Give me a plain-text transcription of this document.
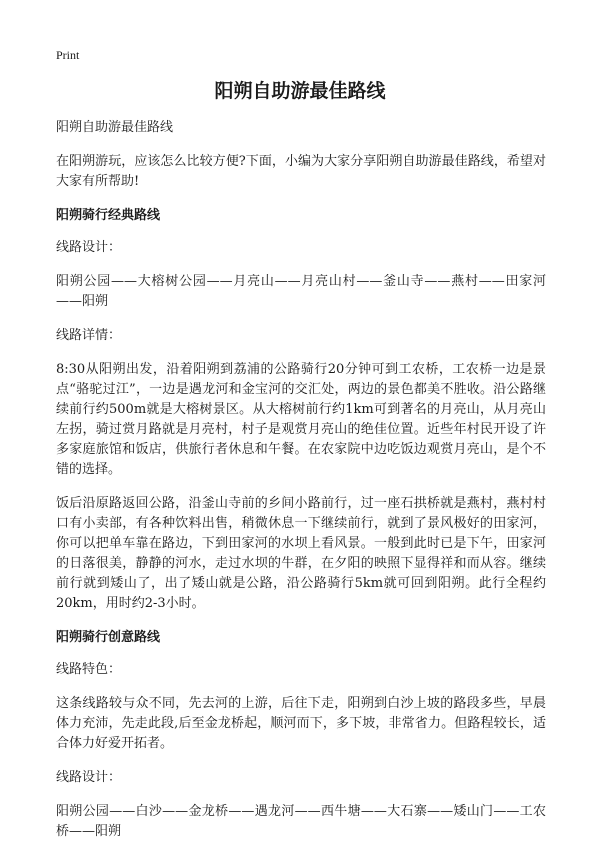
Print
阳朔自助游最佳路线

阳朔自助游最佳路线

在阳朔游玩，应该怎么比较方便?下面，小编为大家分享阳朔自助游最佳路线，希望对大家有所帮助!

阳朔骑行经典路线

线路设计：

阳朔公园——大榕树公园——月亮山——月亮山村——釜山寺——燕村——田家河——阳朔

线路详情：

8:30从阳朔出发，沿着阳朔到荔浦的公路骑行20分钟可到工农桥，工农桥一边是景点“骆驼过江”，一边是遇龙河和金宝河的交汇处，两边的景色都美不胜收。沿公路继续前行约500m就是大榕树景区。从大榕树前行约1km可到著名的月亮山，从月亮山左拐，骑过赏月路就是月亮村，村子是观赏月亮山的绝佳位置。近些年村民开设了许多家庭旅馆和饭店，供旅行者休息和午餐。在农家院中边吃饭边观赏月亮山，是个不错的选择。

饭后沿原路返回公路，沿釜山寺前的乡间小路前行，过一座石拱桥就是燕村，燕村村口有小卖部，有各种饮料出售，稍微休息一下继续前行，就到了景风极好的田家河，你可以把单车靠在路边，下到田家河的水坝上看风景。一般到此时已是下午，田家河的日落很美，静静的河水，走过水坝的牛群，在夕阳的映照下显得祥和而从容。继续前行就到矮山了，出了矮山就是公路，沿公路骑行5km就可回到阳朔。此行全程约20km，用时约2-3小时。

阳朔骑行创意路线

线路特色：

这条线路较与众不同，先去河的上游，后往下走，阳朔到白沙上坡的路段多些，早晨体力充沛，先走此段,后至金龙桥起，顺河而下，多下坡，非常省力。但路程较长，适合体力好爱开拓者。

线路设计：

阳朔公园——白沙——金龙桥——遇龙河——西牛塘——大石寨——矮山门——工农桥——阳朔
